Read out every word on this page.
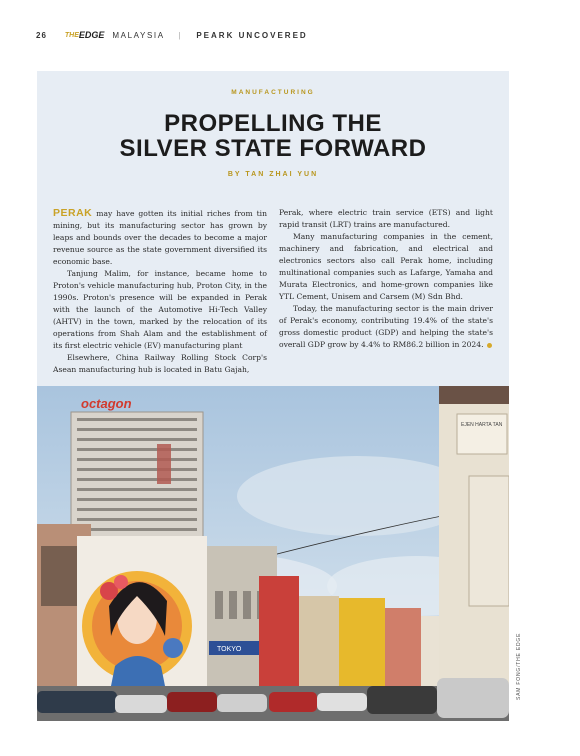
26	THE EDGE MALAYSIA | PEARK UNCOVERED
MANUFACTURING
PROPELLING THE
SILVER STATE FORWARD
BY TAN ZHAI YUN

PERAK may have gotten its initial riches from tin mining, but its manufacturing sector has grown by leaps and bounds over the decades to become a major revenue source as the state government diversified its economic base.

Tanjung Malim, for instance, became home to Proton's vehicle manufacturing hub, Proton City, in the 1990s. Proton's presence will be expanded in Perak with the launch of the Automotive Hi-Tech Valley (AHTV) in the town, marked by the relocation of its operations from Shah Alam and the establishment of its first electric vehicle (EV) manufacturing plant

Elsewhere, China Railway Rolling Stock Corp's Asean manufacturing hub is located in Batu Gajah,

Perak, where electric train service (ETS) and light rapid transit (LRT) trains are manufactured.

Many manufacturing companies in the cement, machinery and fabrication, and electrical and electronics sectors also call Perak home, including multinational companies such as Lafarge, Yamaha and Murata Electronics, and home-grown companies like YTL Cement, Unisem and Carsem (M) Sdn Bhd.

Today, the manufacturing sector is the main driver of Perak's economy, contributing 19.4% of the state's gross domestic product (GDP) and helping the state's overall GDP grow by 4.4% to RM86.2 billion in 2024.

octagon
TOKYO
EJEN HARTA TAN
SAM FONG/THE EDGE
